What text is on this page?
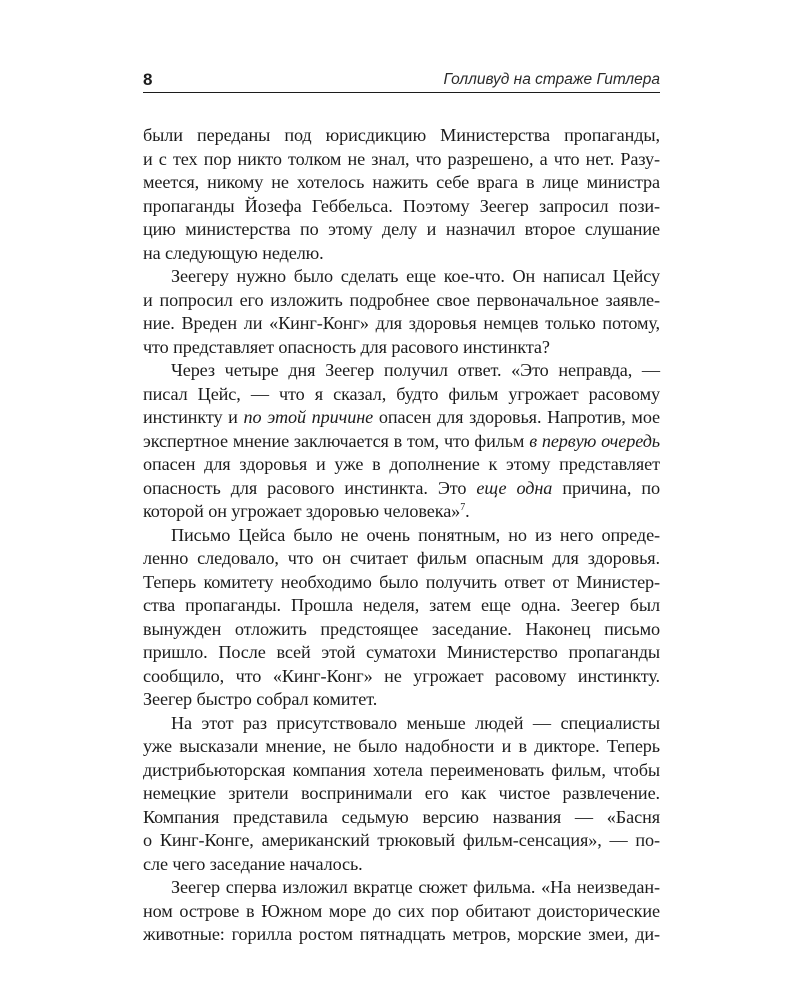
8	Голливуд на страже Гитлера
были переданы под юрисдикцию Министерства пропаганды,
и с тех пор никто толком не знал, что разрешено, а что нет. Разу-
меется, никому не хотелось нажить себе врага в лице министра
пропаганды Йозефа Геббельса. Поэтому Зеегер запросил пози-
цию министерства по этому делу и назначил второе слушание
на следующую неделю.
Зеегеру нужно было сделать еще кое-что. Он написал Цейсу
и попросил его изложить подробнее свое первоначальное заявле-
ние. Вреден ли «Кинг-Конг» для здоровья немцев только потому,
что представляет опасность для расового инстинкта?
Через четыре дня Зеегер получил ответ. «Это неправда, —
писал Цейс, — что я сказал, будто фильм угрожает расовому
инстинкту и по этой причине опасен для здоровья. Напротив, мое
экспертное мнение заключается в том, что фильм в первую очередь
опасен для здоровья и уже в дополнение к этому представляет
опасность для расового инстинкта. Это еще одна причина, по
которой он угрожает здоровью человека»$^7$.
Письмо Цейса было не очень понятным, но из него опреде-
ленно следовало, что он считает фильм опасным для здоровья.
Теперь комитету необходимо было получить ответ от Министер-
ства пропаганды. Прошла неделя, затем еще одна. Зеегер был
вынужден отложить предстоящее заседание. Наконец письмо
пришло. После всей этой суматохи Министерство пропаганды
сообщило, что «Кинг-Конг» не угрожает расовому инстинкту.
Зеегер быстро собрал комитет.
На этот раз присутствовало меньше людей — специалисты
уже высказали мнение, не было надобности и в дикторе. Теперь
дистрибьюторская компания хотела переименовать фильм, чтобы
немецкие зрители воспринимали его как чистое развлечение.
Компания представила седьмую версию названия — «Басня
о Кинг-Конге, американский трюковый фильм-сенсация», — по-
сле чего заседание началось.
Зеегер сперва изложил вкратце сюжет фильма. «На неизведан-
ном острове в Южном море до сих пор обитают доисторические
животные: горилла ростом пятнадцать метров, морские змеи, ди-
